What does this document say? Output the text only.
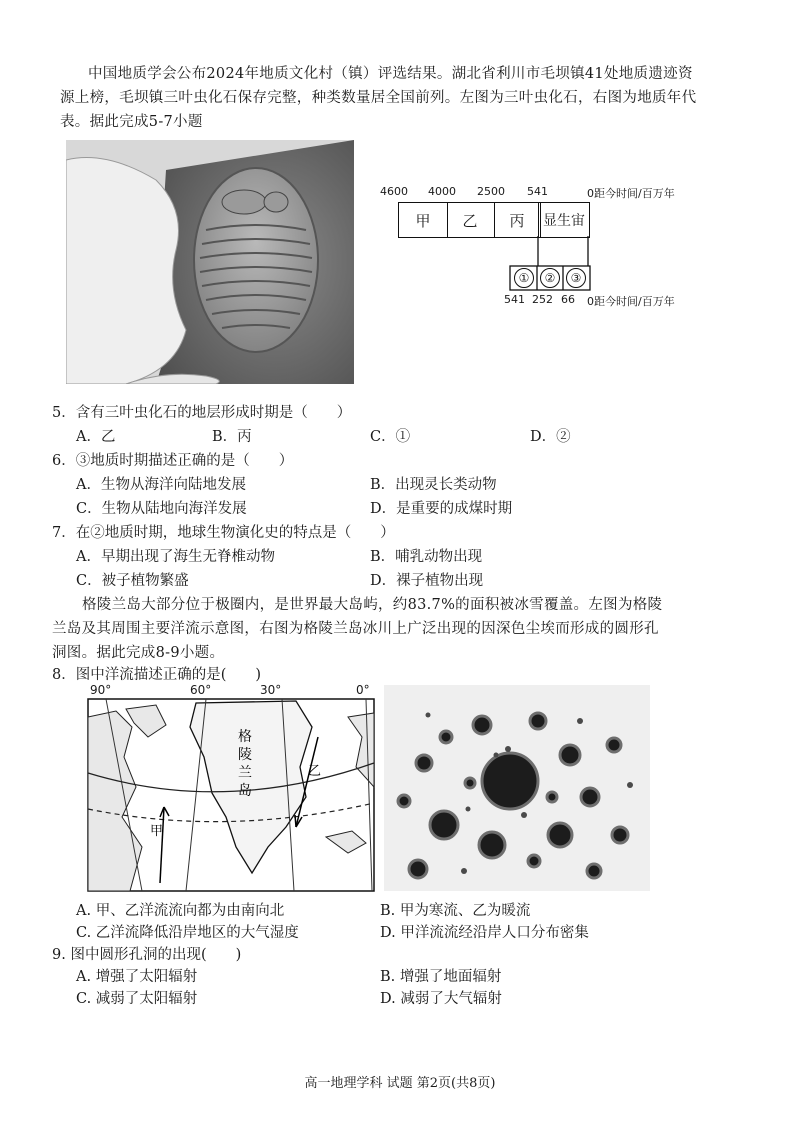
中国地质学会公布2024年地质文化村（镇）评选结果。湖北省利川市毛坝镇41处地质遗迹资
源上榜，毛坝镇三叶虫化石保存完整，种类数量居全国前列。左图为三叶虫化石，右图为地质年代
表。据此完成5-7小题
4600 4000 2500 541	0距今时间/百万年
甲	乙	丙	显生宙
①	②	③
541 252 66 0距今时间/百万年
5．含有三叶虫化石的地层形成时期是（　　）
A．乙	B．丙	C．①	D．②
6．③地质时期描述正确的是（　　）
A．生物从海洋向陆地发展	B．出现灵长类动物
C．生物从陆地向海洋发展	D．是重要的成煤时期
7．在②地质时期，地球生物演化史的特点是（　　）
A．早期出现了海生无脊椎动物	B．哺乳动物出现
C．被子植物繁盛	D．裸子植物出现
格陵兰岛大部分位于极圈内，是世界最大岛屿，约83.7%的面积被冰雪覆盖。左图为格陵
兰岛及其周围主要洋流示意图，右图为格陵兰岛冰川上广泛出现的因深色尘埃而形成的圆形孔
洞图。据此完成8-9小题。
8．图中洋流描述正确的是(　　)
90°	60°	30°	0°
格
陵
兰
岛
甲
乙
A. 甲、乙洋流流向都为由南向北	B. 甲为寒流、乙为暖流
C. 乙洋流降低沿岸地区的大气湿度	D. 甲洋流流经沿岸人口分布密集
9. 图中圆形孔洞的出现(　　)
A. 增强了太阳辐射	B. 增强了地面辐射
C. 减弱了太阳辐射	D. 减弱了大气辐射
高一地理学科 试题 第2页(共8页)
